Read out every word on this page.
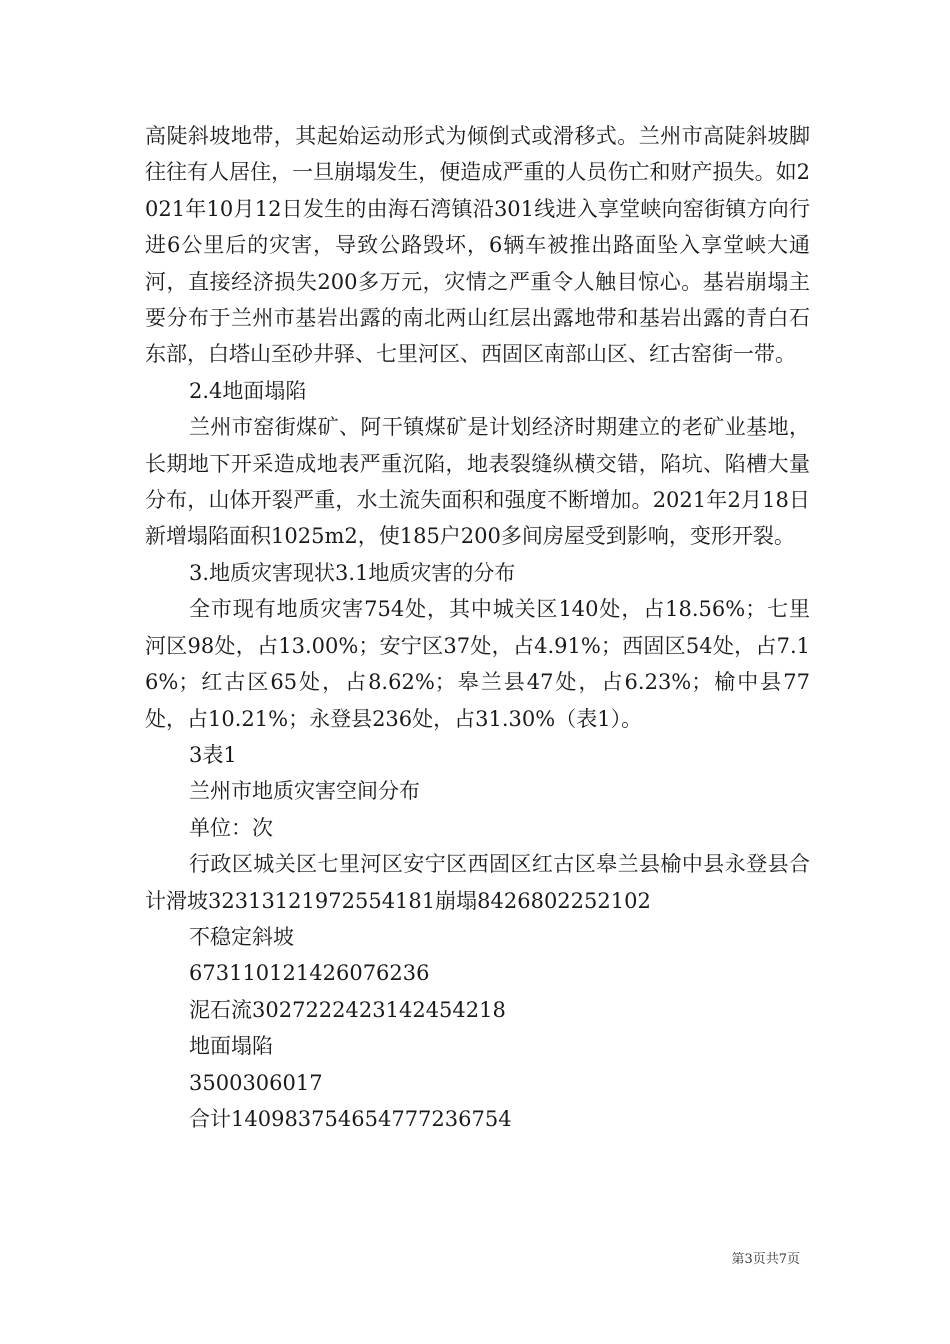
高陡斜坡地带，其起始运动形式为倾倒式或滑移式。兰州市高陡斜坡脚往往有人居住，一旦崩塌发生，便造成严重的人员伤亡和财产损失。如2021年10月12日发生的由海石湾镇沿301线进入享堂峡向窑街镇方向行进6公里后的灾害，导致公路毁坏，6辆车被推出路面坠入享堂峡大通河，直接经济损失200多万元，灾情之严重令人触目惊心。基岩崩塌主要分布于兰州市基岩出露的南北两山红层出露地带和基岩出露的青白石东部，白塔山至砂井驿、七里河区、西固区南部山区、红古窑街一带。

2.4地面塌陷

兰州市窑街煤矿、阿干镇煤矿是计划经济时期建立的老矿业基地，长期地下开采造成地表严重沉陷，地表裂缝纵横交错，陷坑、陷槽大量分布，山体开裂严重，水土流失面积和强度不断增加。2021年2月18日新增塌陷面积1025m2，使185户200多间房屋受到影响，变形开裂。

3.地质灾害现状3.1地质灾害的分布

全市现有地质灾害754处，其中城关区140处，占18.56%；七里河区98处，占13.00%；安宁区37处，占4.91%；西固区54处，占7.16%；红古区65处，占8.62%；皋兰县47处，占6.23%；榆中县77处，占10.21%；永登县236处，占31.30%（表1）。

3表1

兰州市地质灾害空间分布

单位：次

行政区城关区七里河区安宁区西固区红古区皋兰县榆中县永登县合计滑坡32313121972554181崩塌8426802252102

不稳定斜坡

673110121426076236

泥石流3027222423142454218

地面塌陷

3500306017

合计140983754654777236754

第3页共7页
